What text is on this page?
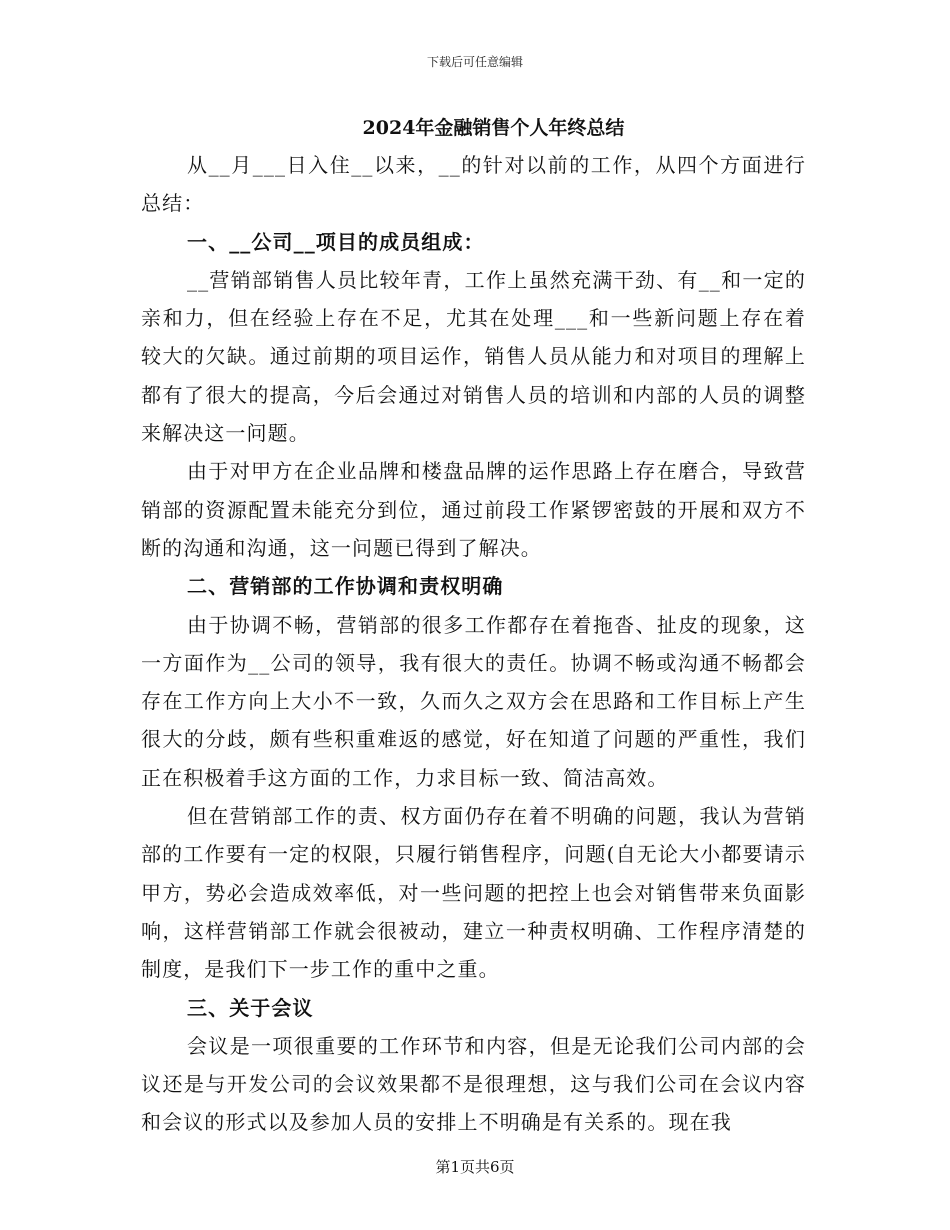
下载后可任意编辑
2024年金融销售个人年终总结

从__月___日入住__以来，__的针对以前的工作，从四个方面进行总结：

一、__公司__项目的成员组成：

__营销部销售人员比较年青，工作上虽然充满干劲、有__和一定的亲和力，但在经验上存在不足，尤其在处理___和一些新问题上存在着较大的欠缺。通过前期的项目运作，销售人员从能力和对项目的理解上都有了很大的提高，今后会通过对销售人员的培训和内部的人员的调整来解决这一问题。

由于对甲方在企业品牌和楼盘品牌的运作思路上存在磨合，导致营销部的资源配置未能充分到位，通过前段工作紧锣密鼓的开展和双方不断的沟通和沟通，这一问题已得到了解决。

二、营销部的工作协调和责权明确

由于协调不畅，营销部的很多工作都存在着拖沓、扯皮的现象，这一方面作为__公司的领导，我有很大的责任。协调不畅或沟通不畅都会存在工作方向上大小不一致，久而久之双方会在思路和工作目标上产生很大的分歧，颇有些积重难返的感觉，好在知道了问题的严重性，我们正在积极着手这方面的工作，力求目标一致、简洁高效。

但在营销部工作的责、权方面仍存在着不明确的问题，我认为营销部的工作要有一定的权限，只履行销售程序，问题(自无论大小都要请示甲方，势必会造成效率低，对一些问题的把控上也会对销售带来负面影响，这样营销部工作就会很被动，建立一种责权明确、工作程序清楚的制度，是我们下一步工作的重中之重。

三、关于会议

会议是一项很重要的工作环节和内容，但是无论我们公司内部的会议还是与开发公司的会议效果都不是很理想，这与我们公司在会议内容和会议的形式以及参加人员的安排上不明确是有关系的。现在我

第1页共6页
